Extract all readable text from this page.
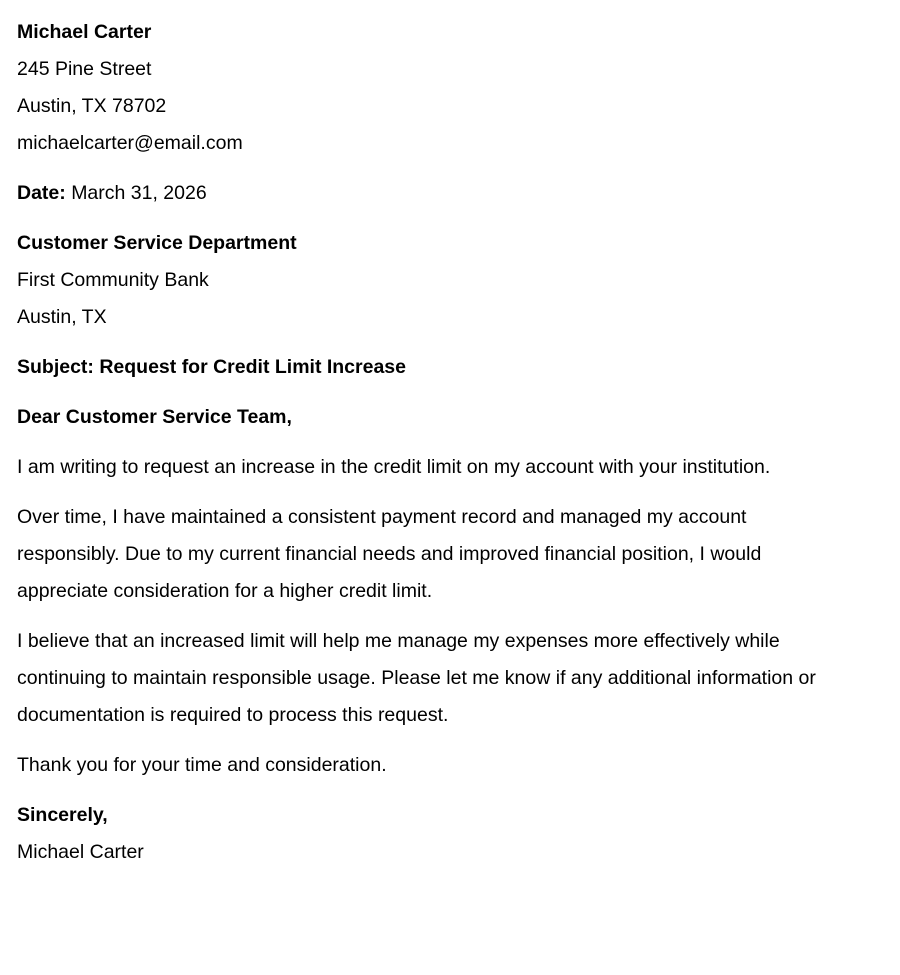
Michael Carter
245 Pine Street
Austin, TX 78702
michaelcarter@email.com
Date: March 31, 2026
Customer Service Department
First Community Bank
Austin, TX
Subject: Request for Credit Limit Increase
Dear Customer Service Team,

I am writing to request an increase in the credit limit on my account with your institution.

Over time, I have maintained a consistent payment record and managed my account responsibly. Due to my current financial needs and improved financial position, I would appreciate consideration for a higher credit limit.

I believe that an increased limit will help me manage my expenses more effectively while continuing to maintain responsible usage. Please let me know if any additional information or documentation is required to process this request.

Thank you for your time and consideration.

Sincerely,
Michael Carter
